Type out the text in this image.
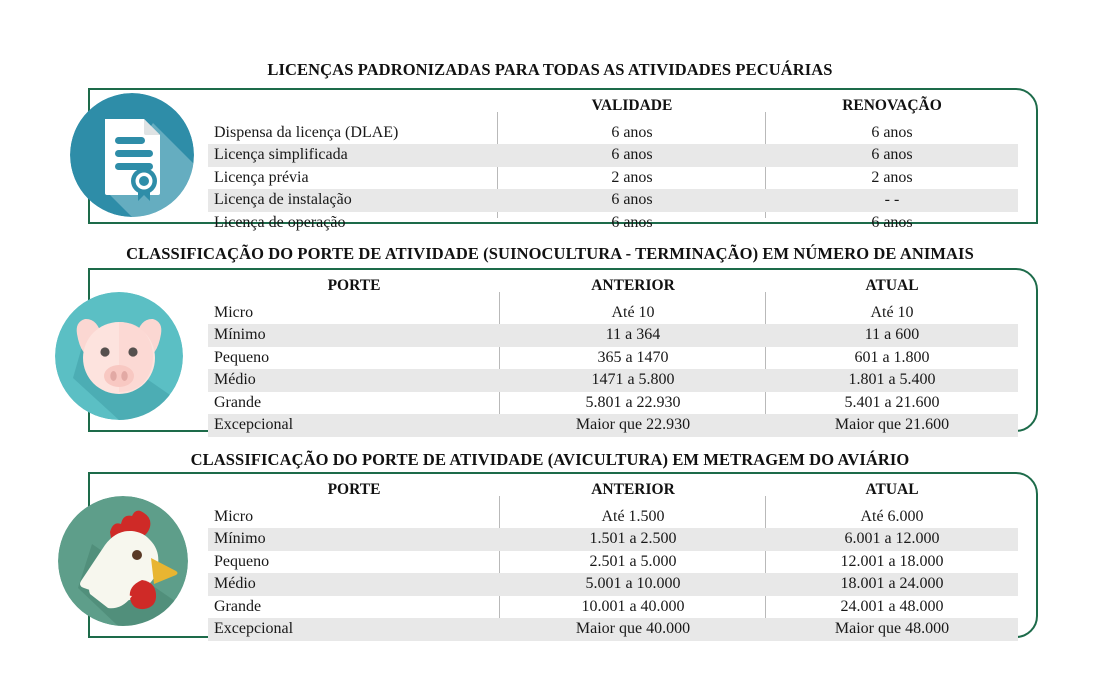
LICENÇAS PADRONIZADAS PARA TODAS AS ATIVIDADES PECUÁRIAS
	VALIDADE	RENOVAÇÃO
Dispensa da licença (DLAE)	6 anos	6 anos
Licença simplificada	6 anos	6 anos
Licença prévia	2 anos	2 anos
Licença de instalação	6 anos	- -
Licença de operação	6 anos	6 anos
CLASSIFICAÇÃO DO PORTE DE ATIVIDADE (SUINOCULTURA - TERMINAÇÃO) EM NÚMERO DE ANIMAIS
PORTE	ANTERIOR	ATUAL
Micro	Até 10	Até 10
Mínimo	11 a 364	11 a 600
Pequeno	365 a 1470	601 a 1.800
Médio	1471 a 5.800	1.801 a 5.400
Grande	5.801 a 22.930	5.401 a 21.600
Excepcional	Maior que 22.930	Maior que 21.600
CLASSIFICAÇÃO DO PORTE DE ATIVIDADE (AVICULTURA) EM METRAGEM DO AVIÁRIO
PORTE	ANTERIOR	ATUAL
Micro	Até 1.500	Até 6.000
Mínimo	1.501 a 2.500	6.001 a 12.000
Pequeno	2.501 a 5.000	12.001 a 18.000
Médio	5.001 a 10.000	18.001 a 24.000
Grande	10.001 a 40.000	24.001 a 48.000
Excepcional	Maior que 40.000	Maior que 48.000
